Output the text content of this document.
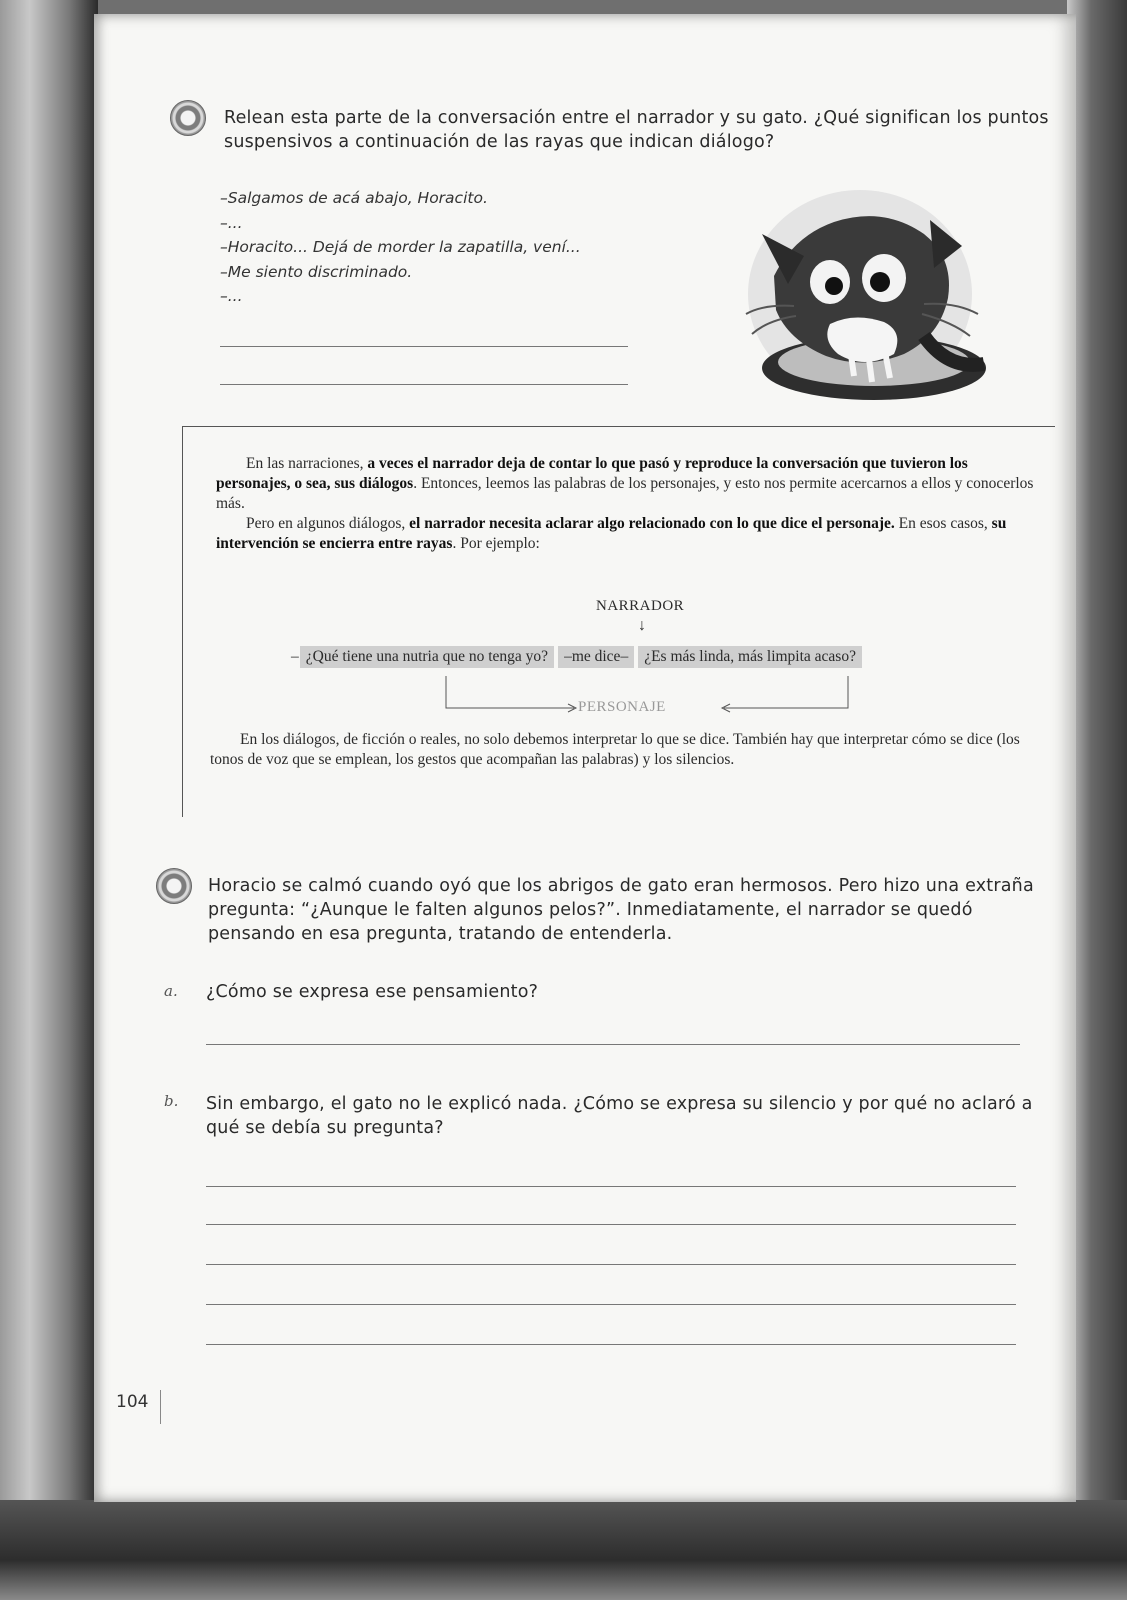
Relean esta parte de la conversación entre el narrador y su gato. ¿Qué significan los puntos suspensivos a continuación de las rayas que indican diálogo?
–Salgamos de acá abajo, Horacito.
–...
–Horacito... Dejá de morder la zapatilla, vení...
–Me siento discriminado.
–...

En las narraciones, a veces el narrador deja de contar lo que pasó y reproduce la conversación que tuvieron los personajes, o sea, sus diálogos. Entonces, leemos las palabras de los personajes, y esto nos permite acercarnos a ellos y conocerlos más.

Pero en algunos diálogos, el narrador necesita aclarar algo relacionado con lo que dice el personaje. En esos casos, su intervención se encierra entre rayas. Por ejemplo:

NARRADOR
↓
– ¿Qué tiene una nutria que no tenga yo? –me dice– ¿Es más linda, más limpita acaso?
PERSONAJE

En los diálogos, de ficción o reales, no solo debemos interpretar lo que se dice. También hay que interpretar cómo se dice (los tonos de voz que se emplean, los gestos que acompañan las palabras) y los silencios.

Horacio se calmó cuando oyó que los abrigos de gato eran hermosos. Pero hizo una extraña pregunta: “¿Aunque le falten algunos pelos?”. Inmediatamente, el narrador se quedó pensando en esa pregunta, tratando de entenderla.
a. ¿Cómo se expresa ese pensamiento?
b. Sin embargo, el gato no le explicó nada. ¿Cómo se expresa su silencio y por qué no aclaró a qué se debía su pregunta?
104
